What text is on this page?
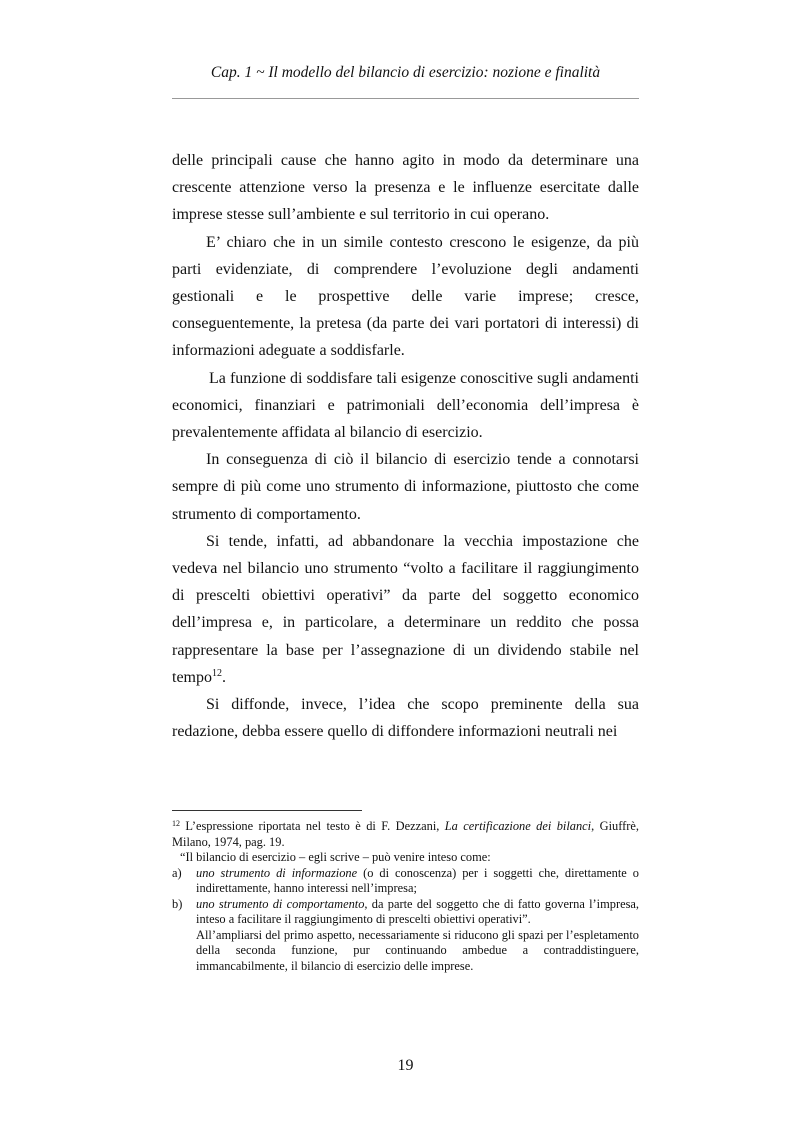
Cap. 1 ~ Il modello del bilancio di esercizio: nozione e finalità

delle principali cause che hanno agito in modo da determinare una crescente attenzione verso la presenza e le influenze esercitate dalle imprese stesse sull’ambiente e sul territorio in cui operano.

E’ chiaro che in un simile contesto crescono le esigenze, da più parti evidenziate, di comprendere l’evoluzione degli andamenti gestionali e le prospettive delle varie imprese; cresce, conseguentemente, la pretesa (da parte dei vari portatori di interessi) di informazioni adeguate a soddisfarle.

La funzione di soddisfare tali esigenze conoscitive sugli andamenti economici, finanziari e patrimoniali dell’economia dell’impresa è prevalentemente affidata al bilancio di esercizio.

In conseguenza di ciò il bilancio di esercizio tende a connotarsi sempre di più come uno strumento di informazione, piuttosto che come strumento di comportamento.

Si tende, infatti, ad abbandonare la vecchia impostazione che vedeva nel bilancio uno strumento “volto a facilitare il raggiungimento di prescelti obiettivi operativi” da parte del soggetto economico dell’impresa e, in particolare, a determinare un reddito che possa rappresentare la base per l’assegnazione di un dividendo stabile nel tempo$^{12}$.

Si diffonde, invece, l’idea che scopo preminente della sua redazione, debba essere quello di diffondere informazioni neutrali nei

$^{12}$ L’espressione riportata nel testo è di F. Dezzani, La certificazione dei bilanci, Giuffrè, Milano, 1974, pag. 19.

“Il bilancio di esercizio – egli scrive – può venire inteso come:

a)	uno strumento di informazione (o di conoscenza) per i soggetti che, direttamente o indirettamente, hanno interessi nell’impresa;
b)	uno strumento di comportamento, da parte del soggetto che di fatto governa l’impresa, inteso a facilitare il raggiungimento di prescelti obiettivi operativi”.

All’ampliarsi del primo aspetto, necessariamente si riducono gli spazi per l’espletamento della seconda funzione, pur continuando ambedue a contraddistinguere, immancabilmente, il bilancio di esercizio delle imprese.

19
